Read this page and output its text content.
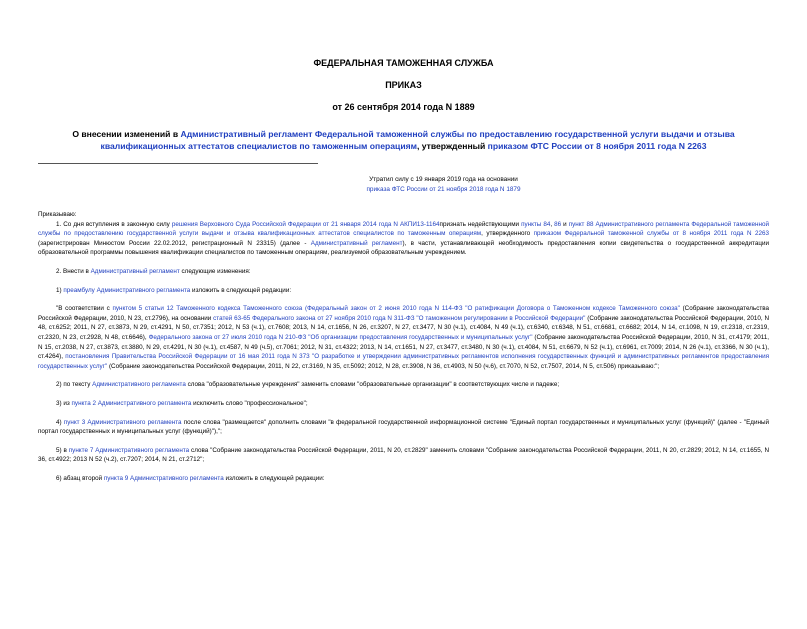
ФЕДЕРАЛЬНАЯ ТАМОЖЕННАЯ СЛУЖБА
ПРИКАЗ
от 26 сентября 2014 года N 1889
О внесении изменений в Административный регламент Федеральной таможенной службы по предоставлению государственной услуги выдачи и отзыва квалификационных аттестатов специалистов по таможенным операциям, утвержденный приказом ФТС России от 8 ноября 2011 года N 2263
Утратил силу с 19 января 2019 года на основании
приказа ФТС России от 21 ноября 2018 года N 1879

Приказываю:

1. Со дня вступления в законную силу решения Верховного Суда Российской Федерации от 21 января 2014 года N АКПИ13-1164признать недействующими пункты 84, 86 и пункт 88 Административного регламента Федеральной таможенной службы по предоставлению государственной услуги выдачи и отзыва квалификационных аттестатов специалистов по таможенным операциям, утвержденного приказом Федеральной таможенной службы от 8 ноября 2011 года N 2263 (зарегистрирован Минюстом России 22.02.2012, регистрационный N 23315) (далее - Административный регламент), в части, устанавливающей необходимость предоставления копии свидетельства о государственной аккредитации образовательной программы повышения квалификации специалистов по таможенным операциям, реализуемой образовательным учреждением.

2. Внести в Административный регламент следующие изменения:

1) преамбулу Административного регламента изложить в следующей редакции:

"В соответствии с пунктом 5 статьи 12 Таможенного кодекса Таможенного союза (Федеральный закон от 2 июня 2010 года N 114-ФЗ "О ратификации Договора о Таможенном кодексе Таможенного союза" (Собрание законодательства Российской Федерации, 2010, N 23, ст.2796), на основании статей 63-65 Федерального закона от 27 ноября 2010 года N 311-ФЗ "О таможенном регулировании в Российской Федерации" (Собрание законодательства Российской Федерации, 2010, N 48, ст.6252; 2011, N 27, ст.3873, N 29, ст.4291, N 50, ст.7351; 2012, N 53 (ч.1), ст.7608; 2013, N 14, ст.1656, N 26, ст.3207, N 27, ст.3477, N 30 (ч.1), ст.4084, N 49 (ч.1), ст.6340, ст.6348, N 51, ст.6681, ст.6682; 2014, N 14, ст.1098, N 19, ст.2318, ст.2319, ст.2320, N 23, ст.2928, N 48, ст.6646), Федерального закона от 27 июля 2010 года N 210-ФЗ "Об организации предоставления государственных и муниципальных услуг" (Собрание законодательства Российской Федерации, 2010, N 31, ст.4179; 2011, N 15, ст.2038, N 27, ст.3873, ст.3880, N 29, ст.4291, N 30 (ч.1), ст.4587, N 49 (ч.5), ст.7061; 2012, N 31, ст.4322; 2013, N 14, ст.1651, N 27, ст.3477, ст.3480, N 30 (ч.1), ст.4084, N 51, ст.6679, N 52 (ч.1), ст.6961, ст.7009; 2014, N 26 (ч.1), ст.3366, N 30 (ч.1), ст.4264), постановления Правительства Российской Федерации от 16 мая 2011 года N 373 "О разработке и утверждении административных регламентов исполнения государственных функций и административных регламентов предоставления государственных услуг" (Собрание законодательства Российской Федерации, 2011, N 22, ст.3169, N 35, ст.5092; 2012, N 28, ст.3908, N 36, ст.4903, N 50 (ч.6), ст.7070, N 52, ст.7507, 2014, N 5, ст.506) приказываю:";

2) по тексту Административного регламента слова "образовательные учреждения" заменить словами "образовательные организации" в соответствующих числе и падеже;

3) из пункта 2 Административного регламента исключить слово "профессиональное";

4) пункт 3 Административного регламента после слова "размещается" дополнить словами "в федеральной государственной информационной системе "Единый портал государственных и муниципальных услуг (функций)" (далее - "Единый портал государственных и муниципальных услуг (функций)"),";

5) в пункте 7 Административного регламента слова "Собрание законодательства Российской Федерации, 2011, N 20, ст.2829" заменить словами "Собрание законодательства Российской Федерации, 2011, N 20, ст.2829; 2012, N 14, ст.1655, N 36, ст.4922; 2013 N 52 (ч.2), ст.7207; 2014, N 21, ст.2712";

6) абзац второй пункта 9 Административного регламента изложить в следующей редакции:
